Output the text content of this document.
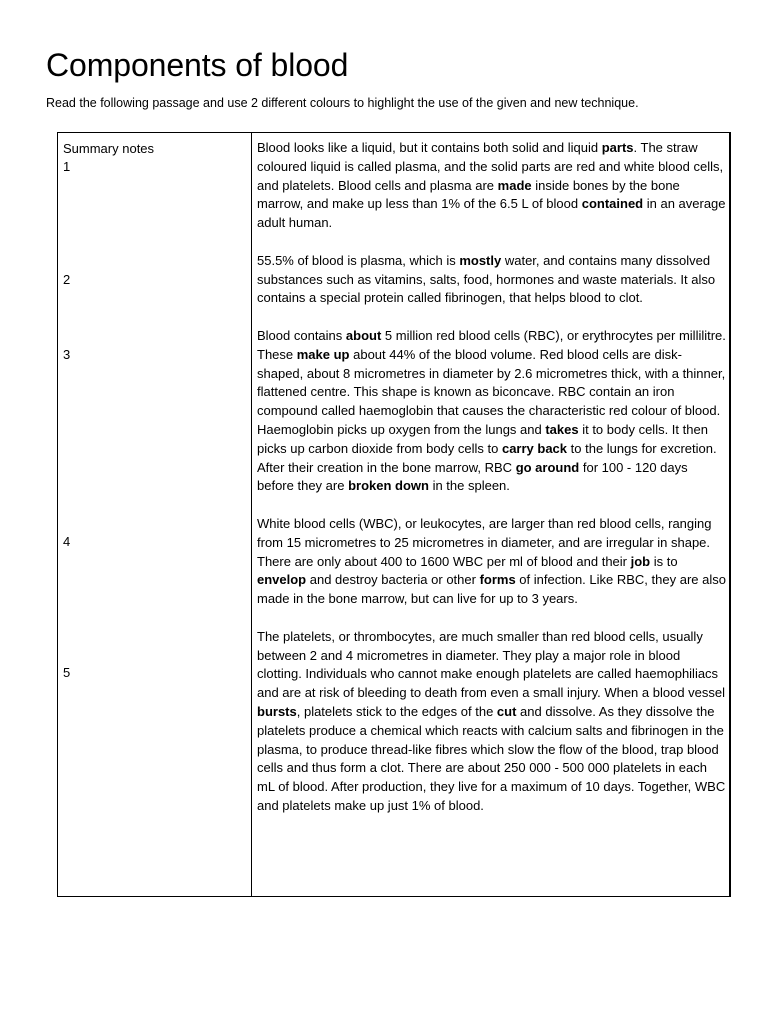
Components of blood

Read the following passage and use 2 different colours to highlight the use of the given and new technique.

Summary notes
1
2
3
4
5

Blood looks like a liquid, but it contains both solid and liquid parts. The straw coloured liquid is called plasma, and the solid parts are red and white blood cells, and platelets. Blood cells and plasma are made inside bones by the bone marrow, and make up less than 1% of the 6.5 L of blood contained in an average adult human.

55.5% of blood is plasma, which is mostly water, and contains many dissolved substances such as vitamins, salts, food, hormones and waste materials. It also contains a special protein called fibrinogen, that helps blood to clot.

Blood contains about 5 million red blood cells (RBC), or erythrocytes per millilitre. These make up about 44% of the blood volume. Red blood cells are disk-shaped, about 8 micrometres in diameter by 2.6 micrometres thick, with a thinner, flattened centre. This shape is known as biconcave. RBC contain an iron compound called haemoglobin that causes the characteristic red colour of blood. Haemoglobin picks up oxygen from the lungs and takes it to body cells. It then picks up carbon dioxide from body cells to carry back to the lungs for excretion. After their creation in the bone marrow, RBC go around for 100 - 120 days before they are broken down in the spleen.

White blood cells (WBC), or leukocytes, are larger than red blood cells, ranging from 15 micrometres to 25 micrometres in diameter, and are irregular in shape. There are only about 400 to 1600 WBC per ml of blood and their job is to envelop and destroy bacteria or other forms of infection. Like RBC, they are also made in the bone marrow, but can live for up to 3 years.

The platelets, or thrombocytes, are much smaller than red blood cells, usually between 2 and 4 micrometres in diameter. They play a major role in blood clotting. Individuals who cannot make enough platelets are called haemophiliacs and are at risk of bleeding to death from even a small injury. When a blood vessel bursts, platelets stick to the edges of the cut and dissolve. As they dissolve the platelets produce a chemical which reacts with calcium salts and fibrinogen in the plasma, to produce thread-like fibres which slow the flow of the blood, trap blood cells and thus form a clot. There are about 250 000 - 500 000 platelets in each mL of blood. After production, they live for a maximum of 10 days. Together, WBC and platelets make up just 1% of blood.
